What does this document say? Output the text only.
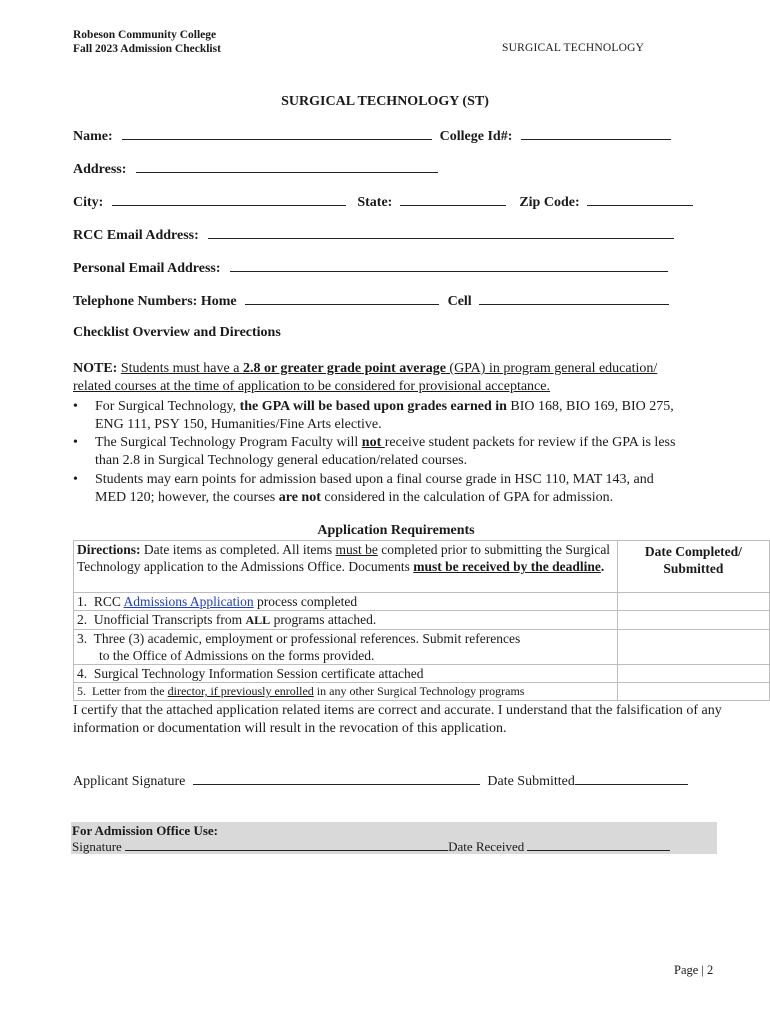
Robeson Community College
Fall 2023 Admission Checklist	SURGICAL TECHNOLOGY
SURGICAL TECHNOLOGY (ST)
Name:	College Id#:
Address:
City:	State:	Zip Code:
RCC Email Address:
Personal Email Address:
Telephone Numbers: Home	Cell
Checklist Overview and Directions

NOTE: Students must have a 2.8 or greater grade point average (GPA) in program general education/

related courses at the time of application to be considered for provisional acceptance.

• For Surgical Technology, the GPA will be based upon grades earned in BIO 168, BIO 169, BIO 275,
ENG 111, PSY 150, Humanities/Fine Arts elective.
• The Surgical Technology Program Faculty will not receive student packets for review if the GPA is less
than 2.8 in Surgical Technology general education/related courses.
• Students may earn points for admission based upon a final course grade in HSC 110, MAT 143, and
MED 120; however, the courses are not considered in the calculation of GPA for admission.
Application Requirements
Directions: Date items as completed. All items must be completed prior to submitting the Surgical Technology application to the Admissions Office. Documents must be received by the deadline.	Date Completed/ Submitted
1. RCC Admissions Application process completed	
2.  Unofficial Transcripts from ALL programs attached.	
3. Three (3) academic, employment or professional references. Submit references
to the Office of Admissions on the forms provided.	
4. Surgical Technology Information Session certificate attached	
5. Letter from the director, if previously enrolled in any other Surgical Technology programs	
I certify that the attached application related items are correct and accurate. I understand that the falsification of any information or documentation will result in the revocation of this application.
Applicant Signature	Date Submitted
For Admission Office Use:
Signature	Date Received
Page | 2
